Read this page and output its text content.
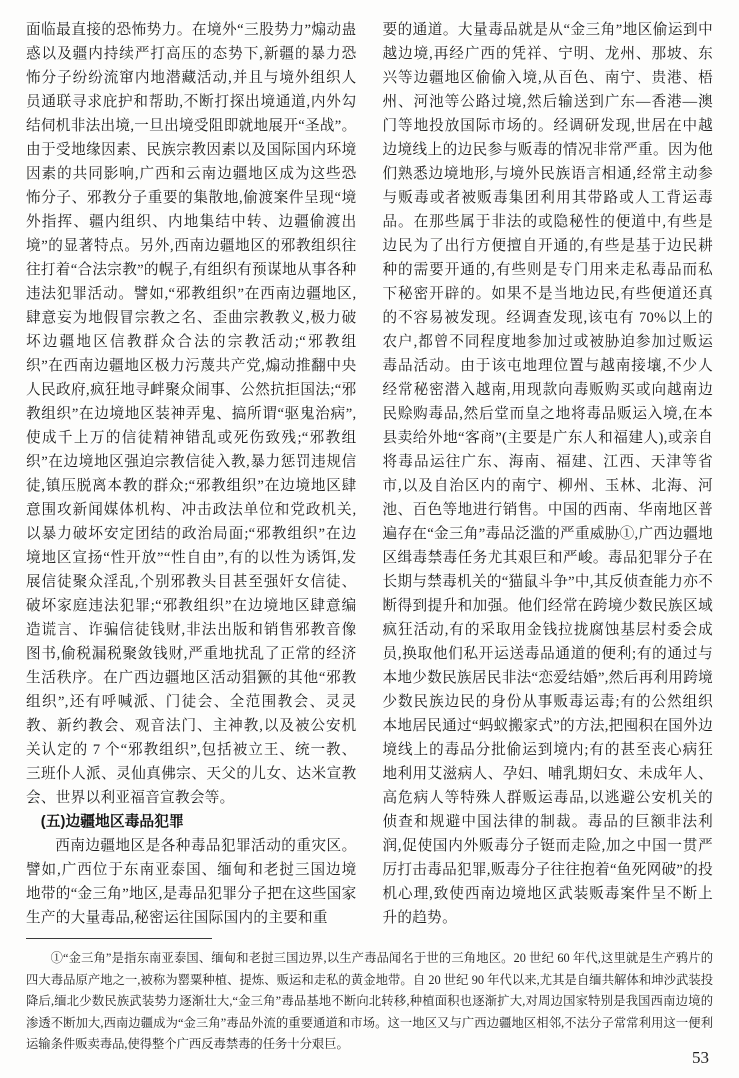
面临最直接的恐怖势力。在境外“三股势力”煽动蛊惑以及疆内持续严打高压的态势下,新疆的暴力恐怖分子纷纷流窜内地潜藏活动,并且与境外组织人员通联寻求庇护和帮助,不断打探出境通道,内外勾结伺机非法出境,一旦出境受阻即就地展开“圣战”。由于受地缘因素、民族宗教因素以及国际国内环境因素的共同影响,广西和云南边疆地区成为这些恐怖分子、邪教分子重要的集散地,偷渡案件呈现“境外指挥、疆内组织、内地集结中转、边疆偷渡出境”的显著特点。另外,西南边疆地区的邪教组织往往打着“合法宗教”的幌子,有组织有预谋地从事各种违法犯罪活动。譬如,“邪教组织”在西南边疆地区,肆意妄为地假冒宗教之名、歪曲宗教教义,极力破坏边疆地区信教群众合法的宗教活动;“邪教组织”在西南边疆地区极力污蔑共产党,煽动推翻中央人民政府,疯狂地寻衅聚众闹事、公然抗拒国法;“邪教组织”在边境地区装神弄鬼、搞所谓“驱鬼治病”,使成千上万的信徒精神错乱或死伤致残;“邪教组织”在边境地区强迫宗教信徒入教,暴力惩罚违规信徒,镇压脱离本教的群众;“邪教组织”在边境地区肆意围攻新闻媒体机构、冲击政法单位和党政机关,以暴力破坏安定团结的政治局面;“邪教组织”在边境地区宣扬“性开放”“性自由”,有的以性为诱饵,发展信徒聚众淫乱,个别邪教头目甚至强奸女信徒、破坏家庭违法犯罪;“邪教组织”在边境地区肆意编造谎言、诈骗信徒钱财,非法出版和销售邪教音像图书,偷税漏税聚敛钱财,严重地扰乱了正常的经济生活秩序。在广西边疆地区活动猖獗的其他“邪教组织”,还有呼喊派、门徒会、全范围教会、灵灵教、新约教会、观音法门、主神教,以及被公安机关认定的 7 个“邪教组织”,包括被立王、统一教、三班仆人派、灵仙真佛宗、天父的儿女、达米宣教会、世界以利亚福音宣教会等。

(五)边疆地区毒品犯罪

西南边疆地区是各种毒品犯罪活动的重灾区。譬如,广西位于东南亚泰国、缅甸和老挝三国边境地带的“金三角”地区,是毒品犯罪分子把在这些国家生产的大量毒品,秘密运往国际国内的主要和重

要的通道。大量毒品就是从“金三角”地区偷运到中越边境,再经广西的凭祥、宁明、龙州、那坡、东兴等边疆地区偷偷入境,从百色、南宁、贵港、梧州、河池等公路过境,然后输送到广东—香港—澳门等地投放国际市场的。经调研发现,世居在中越边境线上的边民参与贩毒的情况非常严重。因为他们熟悉边境地形,与境外民族语言相通,经常主动参与贩毒或者被贩毒集团利用其带路或人工背运毒品。在那些属于非法的或隐秘性的便道中,有些是边民为了出行方便擅自开通的,有些是基于边民耕种的需要开通的,有些则是专门用来走私毒品而私下秘密开辟的。如果不是当地边民,有些便道还真的不容易被发现。经调查发现,该屯有 70%以上的农户,都曾不同程度地参加过或被胁迫参加过贩运毒品活动。由于该屯地理位置与越南接壤,不少人经常秘密潜入越南,用现款向毒贩购买或向越南边民赊购毒品,然后堂而皇之地将毒品贩运入境,在本县卖给外地“客商”(主要是广东人和福建人),或亲自将毒品运往广东、海南、福建、江西、天津等省市,以及自治区内的南宁、柳州、玉林、北海、河池、百色等地进行销售。中国的西南、华南地区普遍存在“金三角”毒品泛滥的严重威胁①,广西边疆地区缉毒禁毒任务尤其艰巨和严峻。毒品犯罪分子在长期与禁毒机关的“猫鼠斗争”中,其反侦查能力亦不断得到提升和加强。他们经常在跨境少数民族区域疯狂活动,有的采取用金钱拉拢腐蚀基层村委会成员,换取他们私开运送毒品通道的便利;有的通过与本地少数民族居民非法“恋爱结婚”,然后再利用跨境少数民族边民的身份从事贩毒运毒;有的公然组织本地居民通过“蚂蚁搬家式”的方法,把囤积在国外边境线上的毒品分批偷运到境内;有的甚至丧心病狂地利用艾滋病人、孕妇、哺乳期妇女、未成年人、高危病人等特殊人群贩运毒品,以逃避公安机关的侦查和规避中国法律的制裁。毒品的巨额非法利润,促使国内外贩毒分子铤而走险,加之中国一贯严厉打击毒品犯罪,贩毒分子往往抱着“鱼死网破”的投机心理,致使西南边境地区武装贩毒案件呈不断上升的趋势。

①“金三角”是指东南亚泰国、缅甸和老挝三国边界,以生产毒品闻名于世的三角地区。20 世纪 60 年代,这里就是生产鸦片的四大毒品原产地之一,被称为罂粟种植、提炼、贩运和走私的黄金地带。自 20 世纪 90 年代以来,尤其是自缅共解体和坤沙武装投降后,缅北少数民族武装势力逐渐壮大,“金三角”毒品基地不断向北转移,种植面积也逐渐扩大,对周边国家特别是我国西南边境的渗透不断加大,西南边疆成为“金三角”毒品外流的重要通道和市场。这一地区又与广西边疆地区相邻,不法分子常常利用这一便利运输条件贩卖毒品,使得整个广西反毒禁毒的任务十分艰巨。

53
